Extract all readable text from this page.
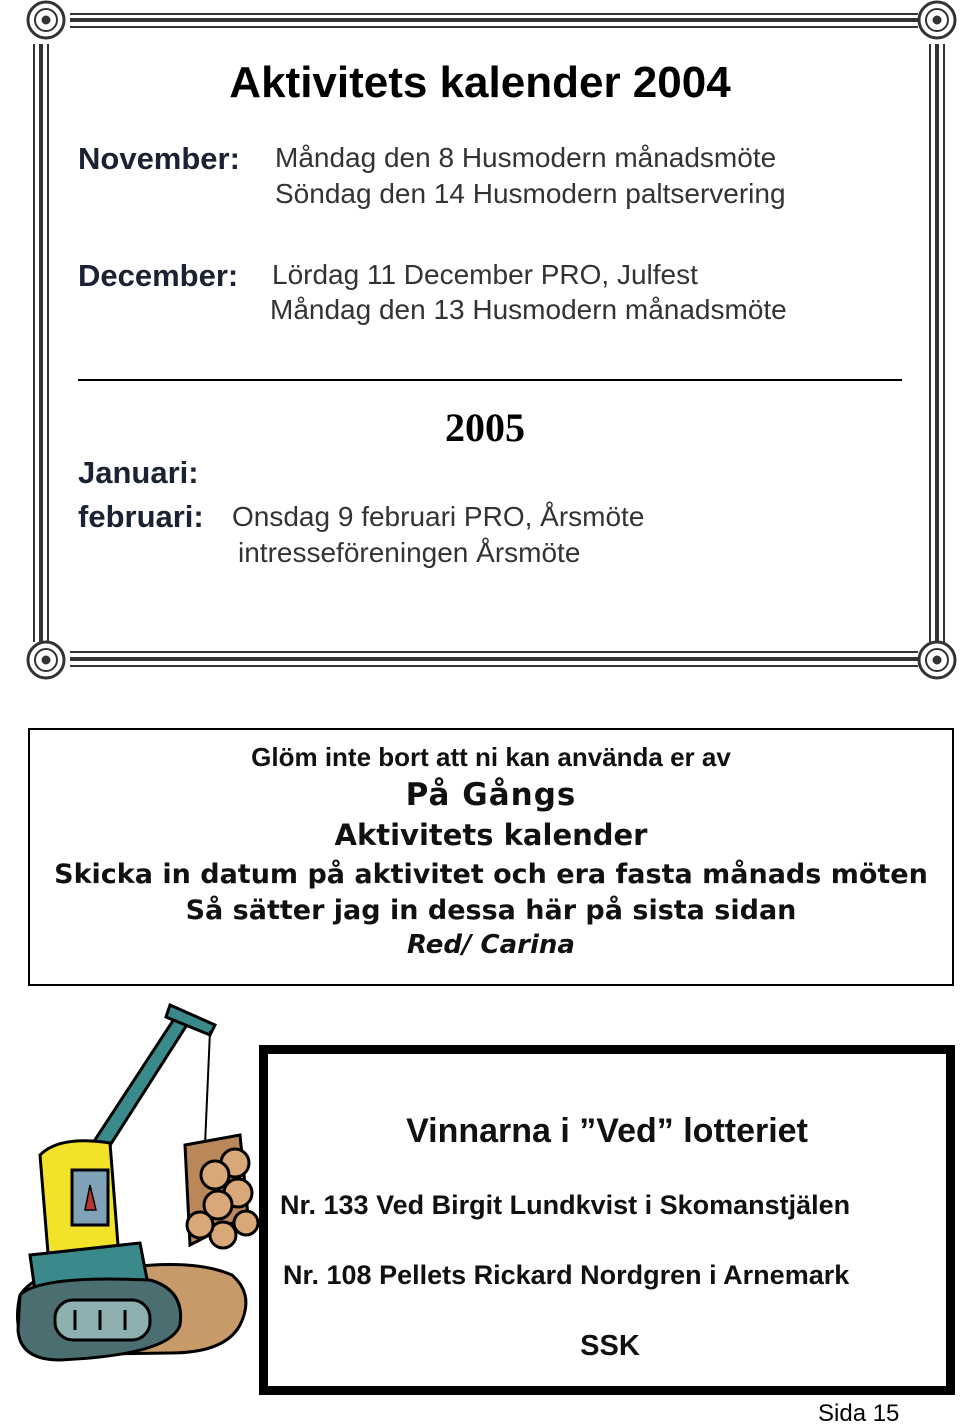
Aktivitets kalender 2004
November: Måndag den 8 Husmodern månadsmöte
Söndag den 14 Husmodern paltservering
December: Lördag 11 December PRO, Julfest
Måndag den 13 Husmodern månadsmöte
2005
Januari:
februari: Onsdag 9 februari PRO, Årsmöte
intresseföreningen Årsmöte
Glöm inte bort att ni kan använda er av
På Gångs
Aktivitets kalender
Skicka in datum på aktivitet och era fasta månads möten
Så sätter jag in dessa här på sista sidan
Red/ Carina
Vinnarna i ”Ved” lotteriet
Nr. 133 Ved Birgit Lundkvist i Skomanstjälen
Nr. 108 Pellets Rickard Nordgren i Arnemark
SSK
Sida 15
